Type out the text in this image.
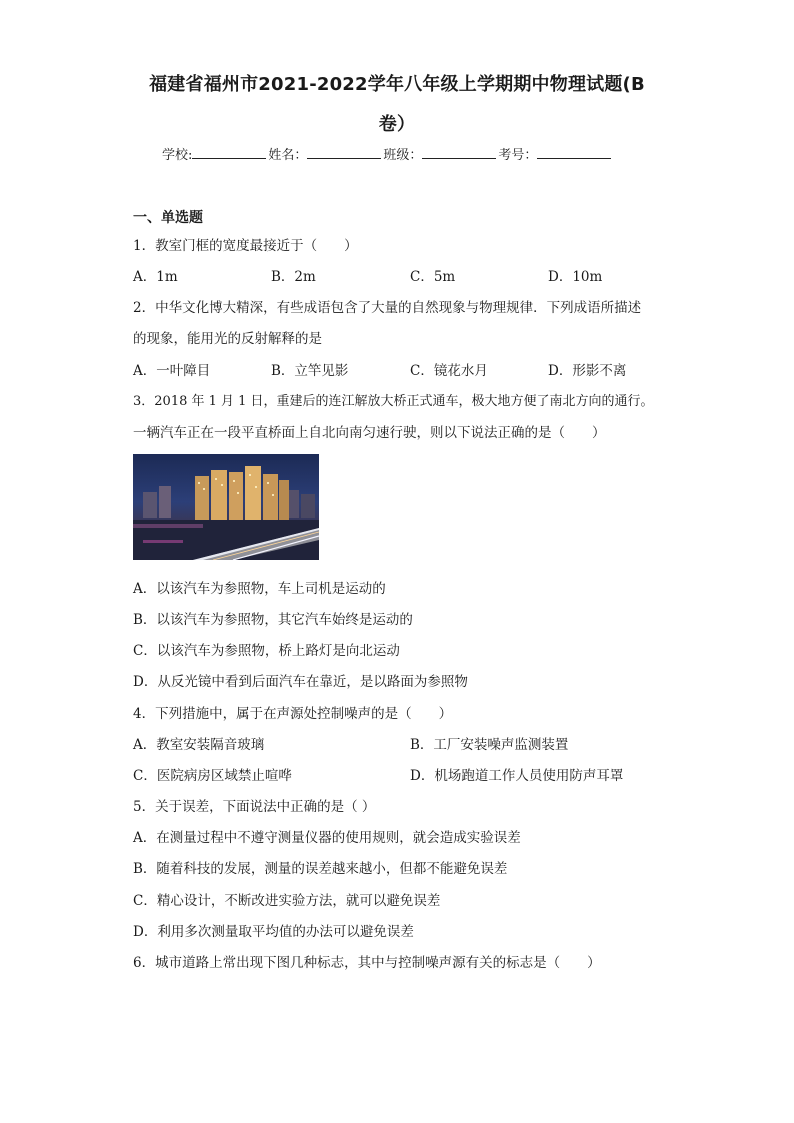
福建省福州市2021-2022学年八年级上学期期中物理试题(B
卷）
学校:	姓名：	班级：	考号：
一、单选题
1．教室门框的宽度最接近于（　　）
A．1m	B．2m	C．5m	D．10m
2．中华文化博大精深，有些成语包含了大量的自然现象与物理规律．下列成语所描述
的现象，能用光的反射解释的是
A．一叶障目	B．立竿见影	C．镜花水月	D．形影不离
3．2018 年 1 月 1 日，重建后的连江解放大桥正式通车，极大地方便了南北方向的通行。
一辆汽车正在一段平直桥面上自北向南匀速行驶，则以下说法正确的是（　　）
A．以该汽车为参照物，车上司机是运动的
B．以该汽车为参照物，其它汽车始终是运动的
C．以该汽车为参照物，桥上路灯是向北运动
D．从反光镜中看到后面汽车在靠近，是以路面为参照物
4．下列措施中，属于在声源处控制噪声的是（　　）
A．教室安装隔音玻璃	B．工厂安装噪声监测装置
C．医院病房区域禁止喧哗	D．机场跑道工作人员使用防声耳罩
5．关于误差，下面说法中正确的是（ ）
A．在测量过程中不遵守测量仪器的使用规则，就会造成实验误差
B．随着科技的发展，测量的误差越来越小，但都不能避免误差
C．精心设计，不断改进实验方法，就可以避免误差
D．利用多次测量取平均值的办法可以避免误差
6．城市道路上常出现下图几种标志，其中与控制噪声源有关的标志是（　　）
